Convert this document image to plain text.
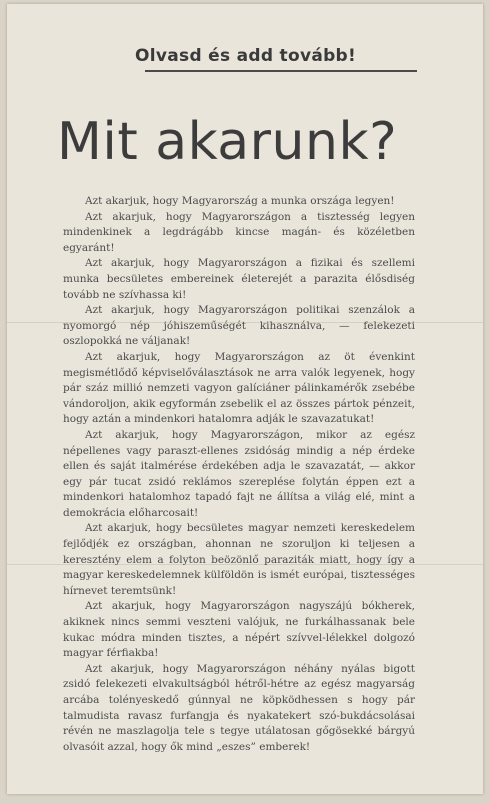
Olvasd és add tovább!
Mit akarunk?

Azt akarjuk, hogy Magyarország a munka országa legyen!

Azt akarjuk, hogy Magyarországon a tisztesség legyen mindenkinek a legdrágább kincse magán- és közéletben egyaránt!

Azt akarjuk, hogy Magyarországon a fizikai és szellemi munka becsületes embereinek életerejét a parazita élősdiség tovább ne szívhassa ki!

Azt akarjuk, hogy Magyarországon politikai szenzálok a nyomorgó nép jóhiszeműségét kihasználva, — felekezeti oszlopokká ne váljanak!

Azt akarjuk, hogy Magyarországon az öt évenkint megismétlődő képviselőválasztások ne arra valók legyenek, hogy pár száz millió nemzeti vagyon galíciáner pálinkamérők zsebébe vándoroljon, akik egyformán zsebelik el az összes pártok pénzeit, hogy aztán a mindenkori hatalomra adják le szavazatukat!

Azt akarjuk, hogy Magyarországon, mikor az egész népellenes vagy paraszt-ellenes zsidóság mindig a nép érdeke ellen és saját italmérése érdekében adja le szavazatát, — akkor egy pár tucat zsidó reklámos szereplése folytán éppen ezt a mindenkori hatalomhoz tapadó fajt ne állítsa a világ elé, mint a demokrácia előharcosait!

Azt akarjuk, hogy becsületes magyar nemzeti kereskedelem fejlődjék ez országban, ahonnan ne szoruljon ki teljesen a keresztény elem a folyton beözönlő paraziták miatt, hogy így a magyar kereskedelemnek külföldön is ismét európai, tisztességes hírnevet teremtsünk!

Azt akarjuk, hogy Magyarországon nagyszájú bókherek, akiknek nincs semmi veszteni valójuk, ne furkálhassanak bele kukac módra minden tisztes, a népért szívvel-lélekkel dolgozó magyar férfiakba!

Azt akarjuk, hogy Magyarországon néhány nyálas bigott zsidó felekezeti elvakultságból hétről-hétre az egész magyarság arcába tolényeskedő gúnnyal ne köpködhessen s hogy pár talmudista ravasz furfangja és nyakatekert szó-bukdácsolásai révén ne maszlagolja tele s tegye utálatosan gőgösekké bárgyú olvasóit azzal, hogy ők mind „eszes” emberek!
